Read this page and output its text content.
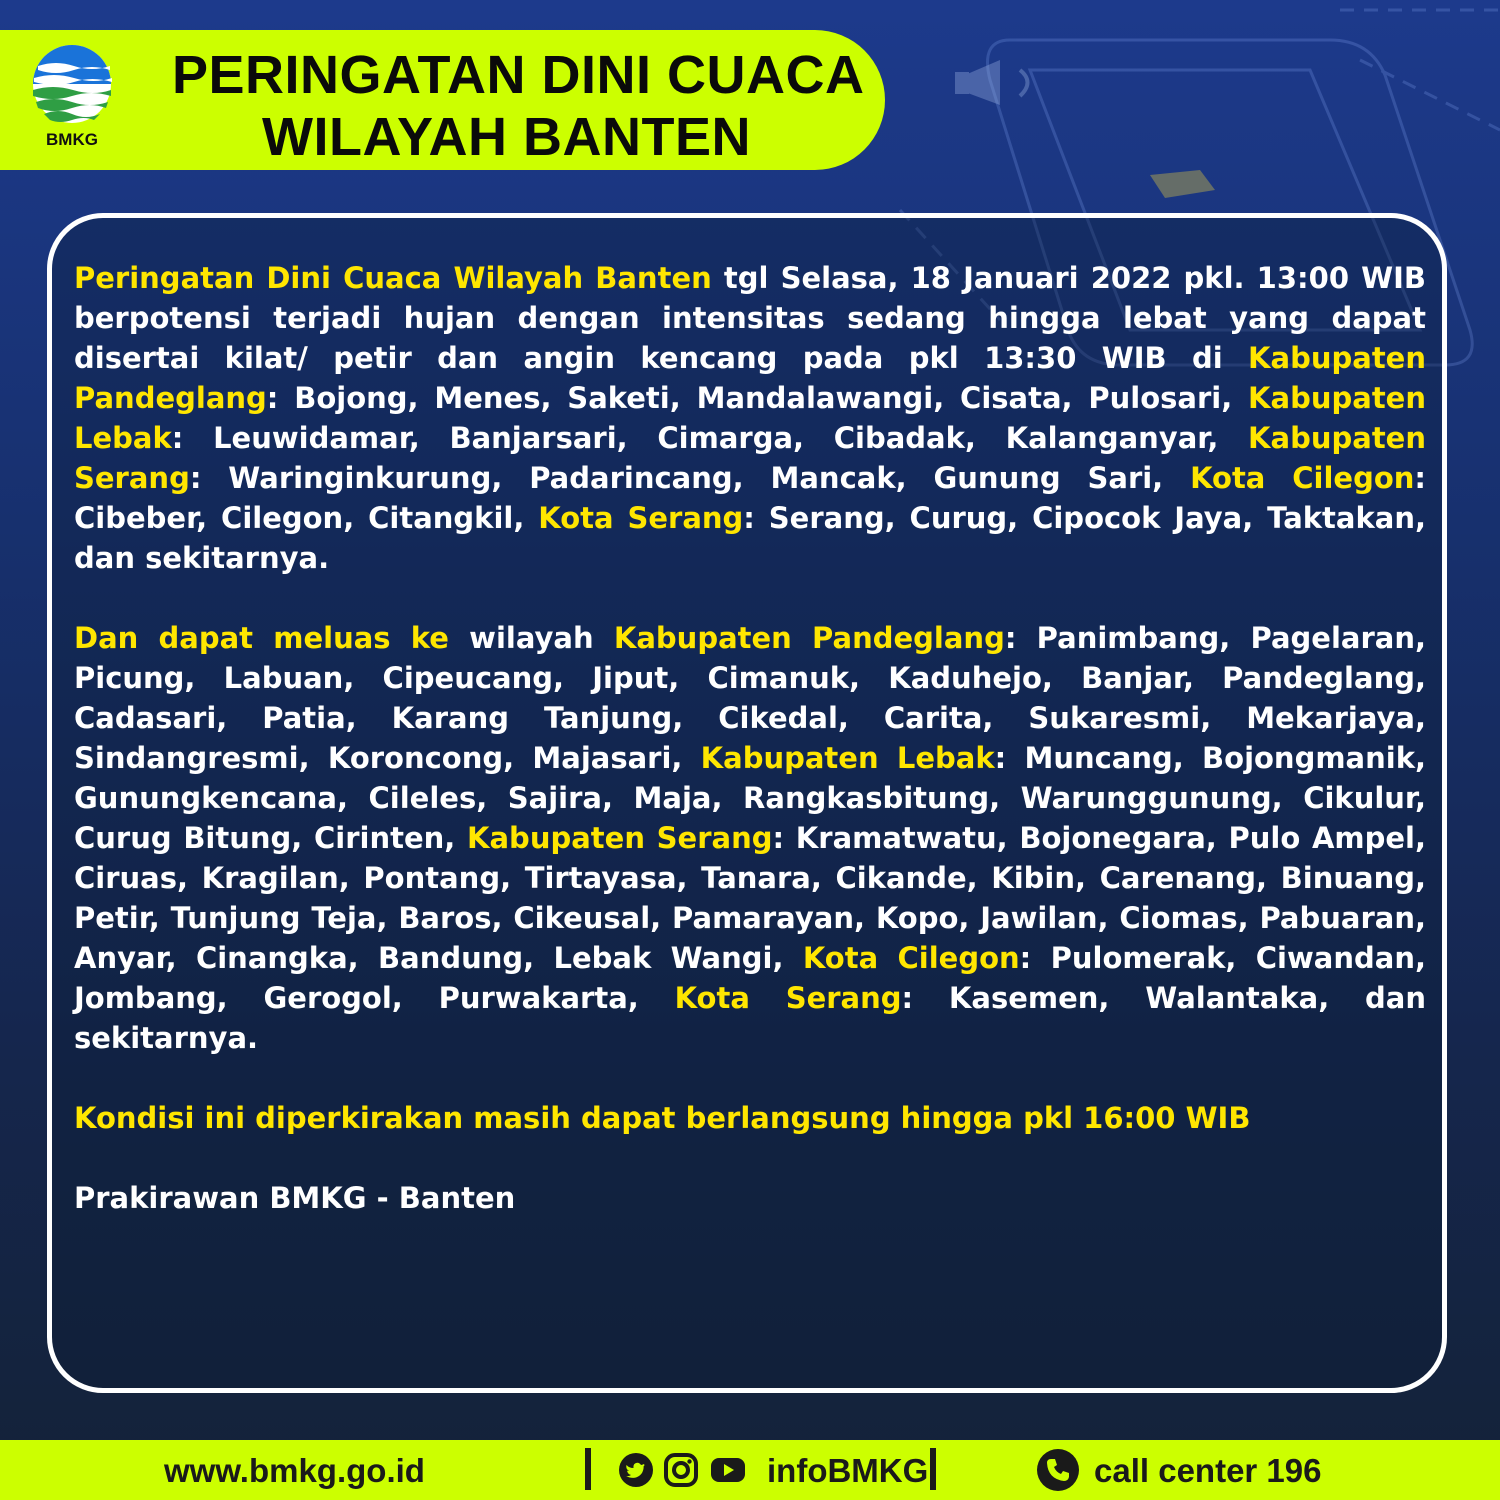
BMKG
PERINGATAN DINI CUACA
WILAYAH BANTEN

Peringatan Dini Cuaca Wilayah Banten tgl Selasa, 18 Januari 2022 pkl. 13:00 WIB berpotensi terjadi hujan dengan intensitas sedang hingga lebat yang dapat disertai kilat/ petir dan angin kencang pada pkl 13:30 WIB di Kabupaten Pandeglang: Bojong, Menes, Saketi, Mandalawangi, Cisata, Pulosari, Kabupaten Lebak: Leuwidamar, Banjarsari, Cimarga, Cibadak, Kalanganyar, Kabupaten Serang: Waringinkurung, Padarincang, Mancak, Gunung Sari, Kota Cilegon: Cibeber, Cilegon, Citangkil, Kota Serang: Serang, Curug, Cipocok Jaya, Taktakan, dan sekitarnya.

Dan dapat meluas ke wilayah Kabupaten Pandeglang: Panimbang, Pagelaran, Picung, Labuan, Cipeucang, Jiput, Cimanuk, Kaduhejo, Banjar, Pandeglang, Cadasari, Patia, Karang Tanjung, Cikedal, Carita, Sukaresmi, Mekarjaya, Sindangresmi, Koroncong, Majasari, Kabupaten Lebak: Muncang, Bojongmanik, Gunungkencana, Cileles, Sajira, Maja, Rangkasbitung, Warunggunung, Cikulur, Curug Bitung, Cirinten, Kabupaten Serang: Kramatwatu, Bojonegara, Pulo Ampel, Ciruas, Kragilan, Pontang, Tirtayasa, Tanara, Cikande, Kibin, Carenang, Binuang, Petir, Tunjung Teja, Baros, Cikeusal, Pamarayan, Kopo, Jawilan, Ciomas, Pabuaran, Anyar, Cinangka, Bandung, Lebak Wangi, Kota Cilegon: Pulomerak, Ciwandan, Jombang, Gerogol, Purwakarta, Kota Serang: Kasemen, Walantaka, dan sekitarnya.

Kondisi ini diperkirakan masih dapat berlangsung hingga pkl 16:00 WIB

Prakirawan BMKG - Banten

www.bmkg.go.id	infoBMKG	call center 196
